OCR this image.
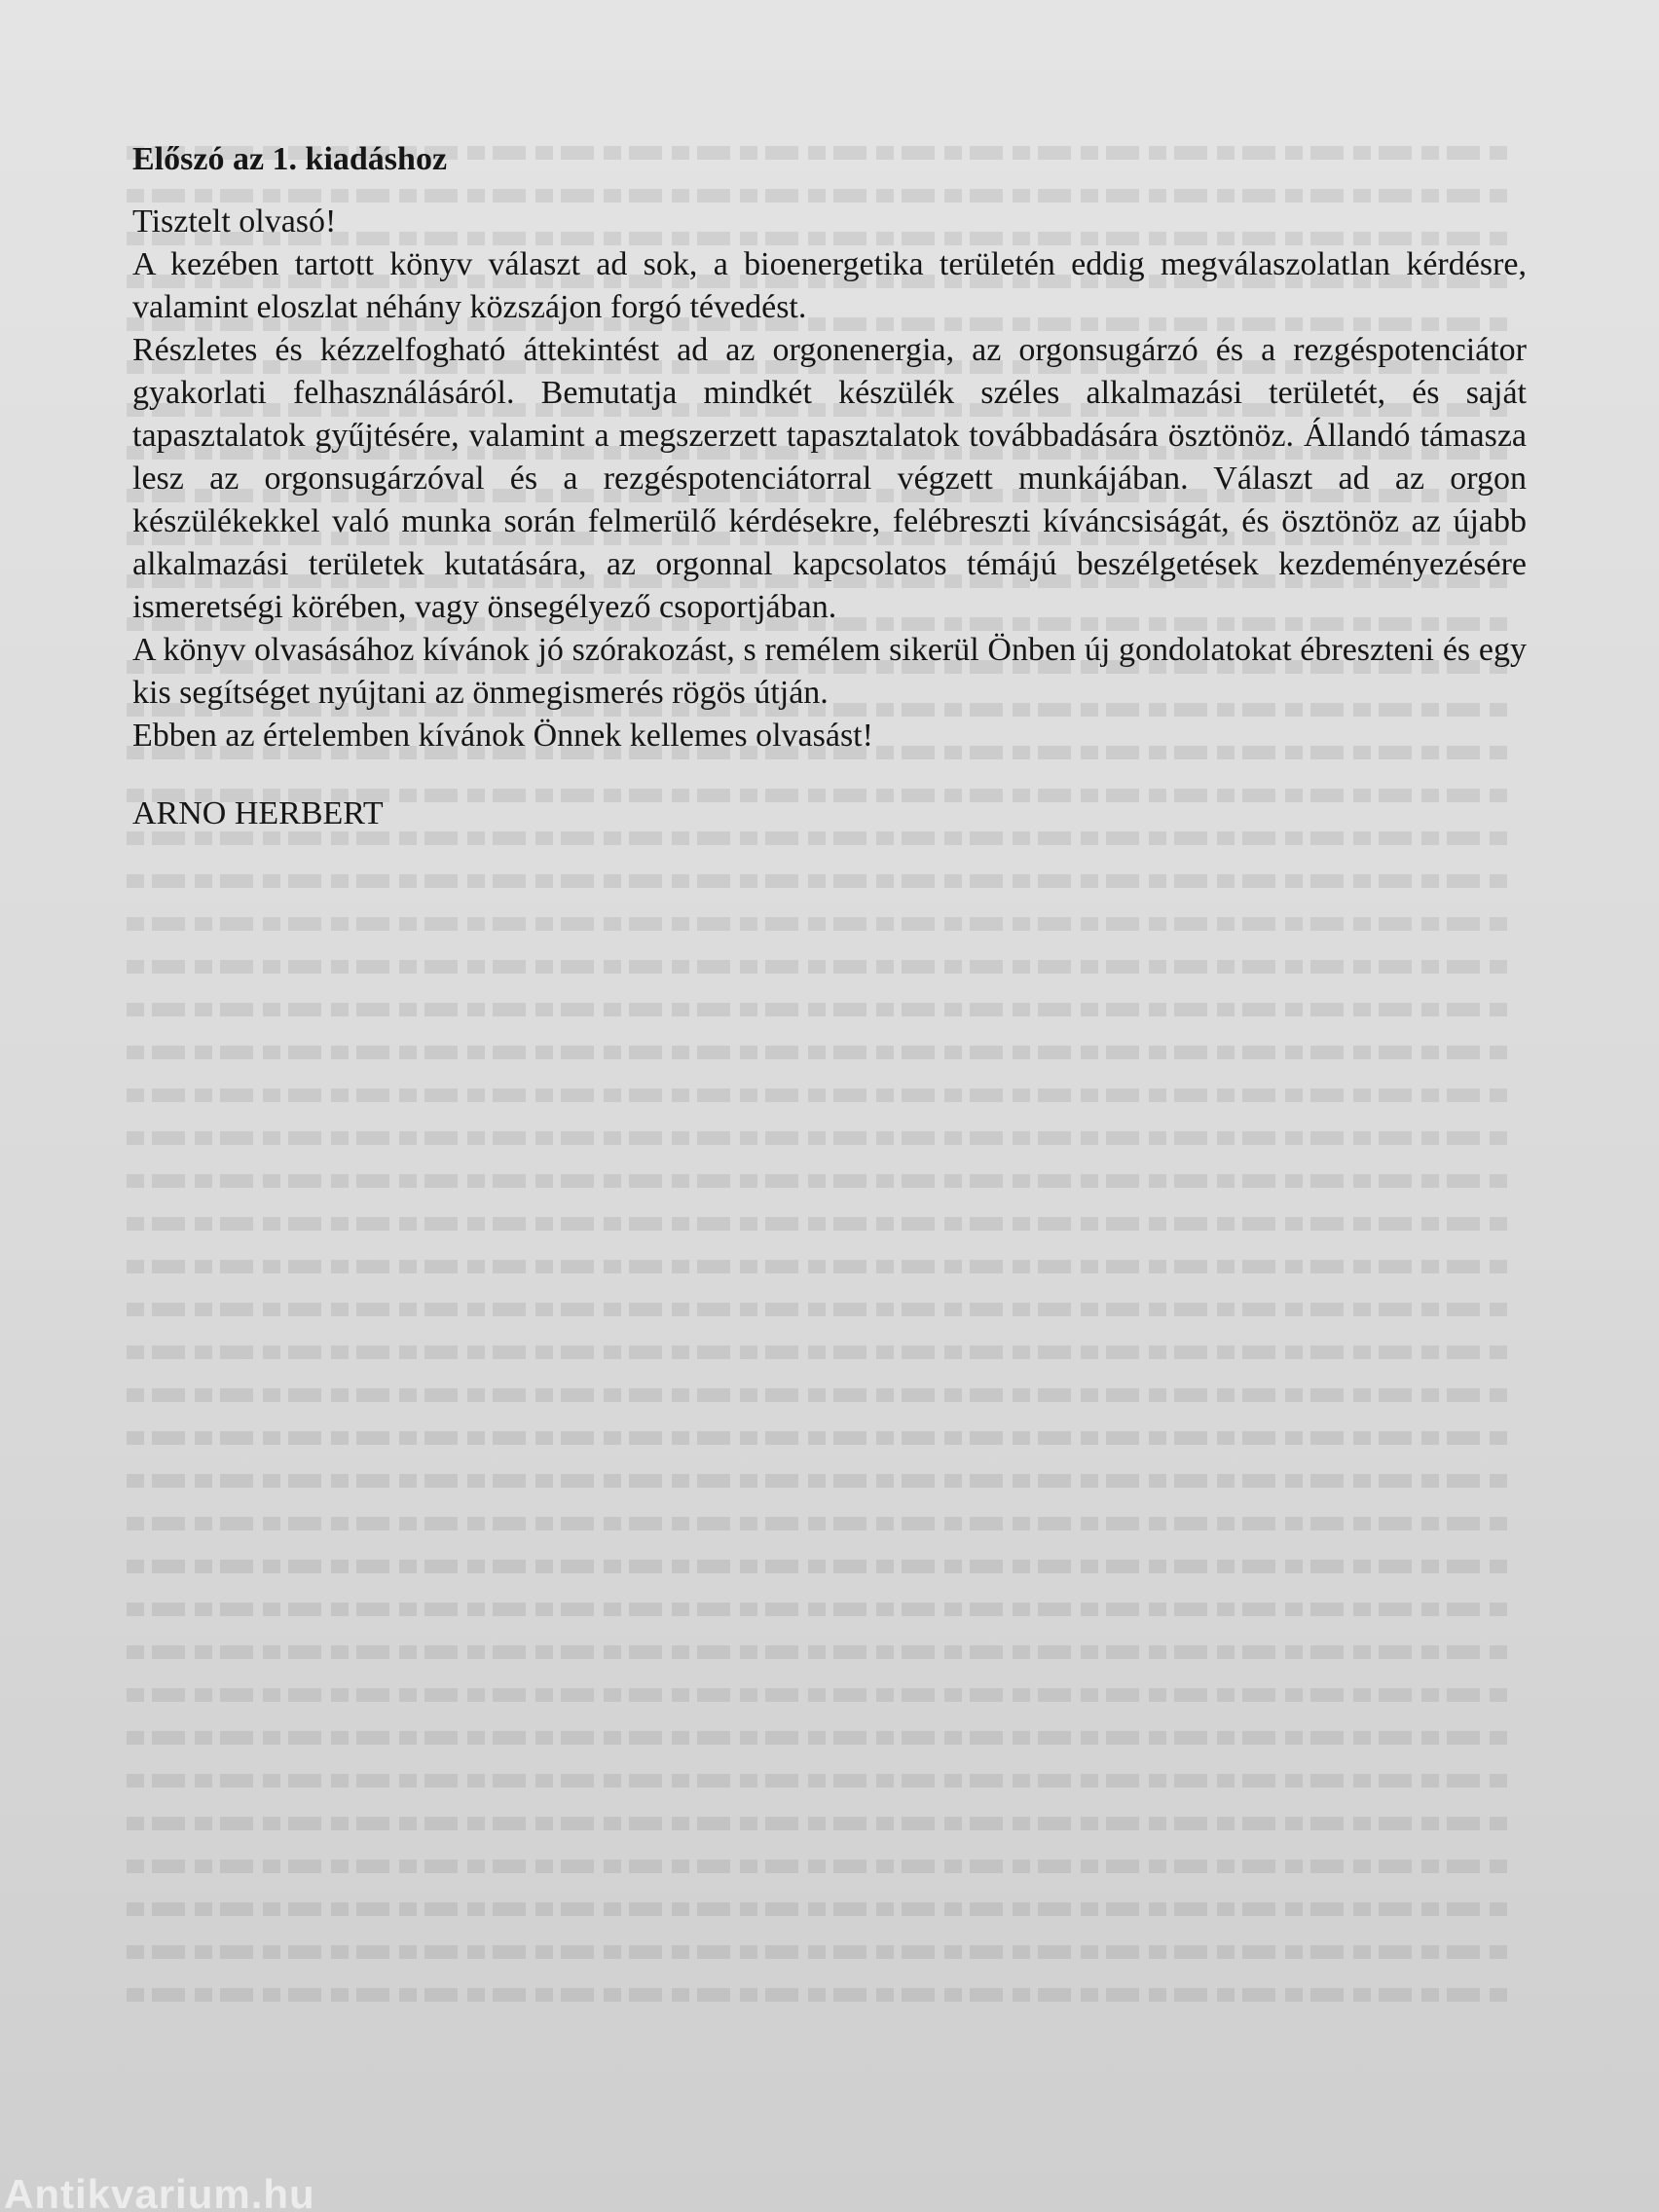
Előszó az 1. kiadáshoz

Tisztelt olvasó!

A kezében tartott könyv választ ad sok, a bioenergetika területén eddig megválaszolatlan kérdésre, valamint eloszlat néhány közszájon forgó tévedést.

Részletes és kézzelfogható áttekintést ad az orgonenergia, az orgonsugárzó és a rezgéspotenciátor gyakorlati felhasználásáról. Bemutatja mindkét készülék széles alkalmazási területét, és saját tapasztalatok gyűjtésére, valamint a megszerzett tapasztalatok továbbadására ösztönöz. Állandó támasza lesz az orgonsugárzóval és a rezgéspotenciátorral végzett munkájában. Választ ad az orgon készülékekkel való munka során felmerülő kérdésekre, felébreszti kíváncsiságát, és ösztönöz az újabb alkalmazási területek kutatására, az orgonnal kapcsolatos témájú beszélgetések kezdeményezésére ismeretségi körében, vagy önsegélyező csoportjában.

A könyv olvasásához kívánok jó szórakozást, s remélem sikerül Önben új gondolatokat ébreszteni és egy kis segítséget nyújtani az önmegismerés rögös útján.

Ebben az értelemben kívánok Önnek kellemes olvasást!

ARNO HERBERT
Antikvarium.hu
